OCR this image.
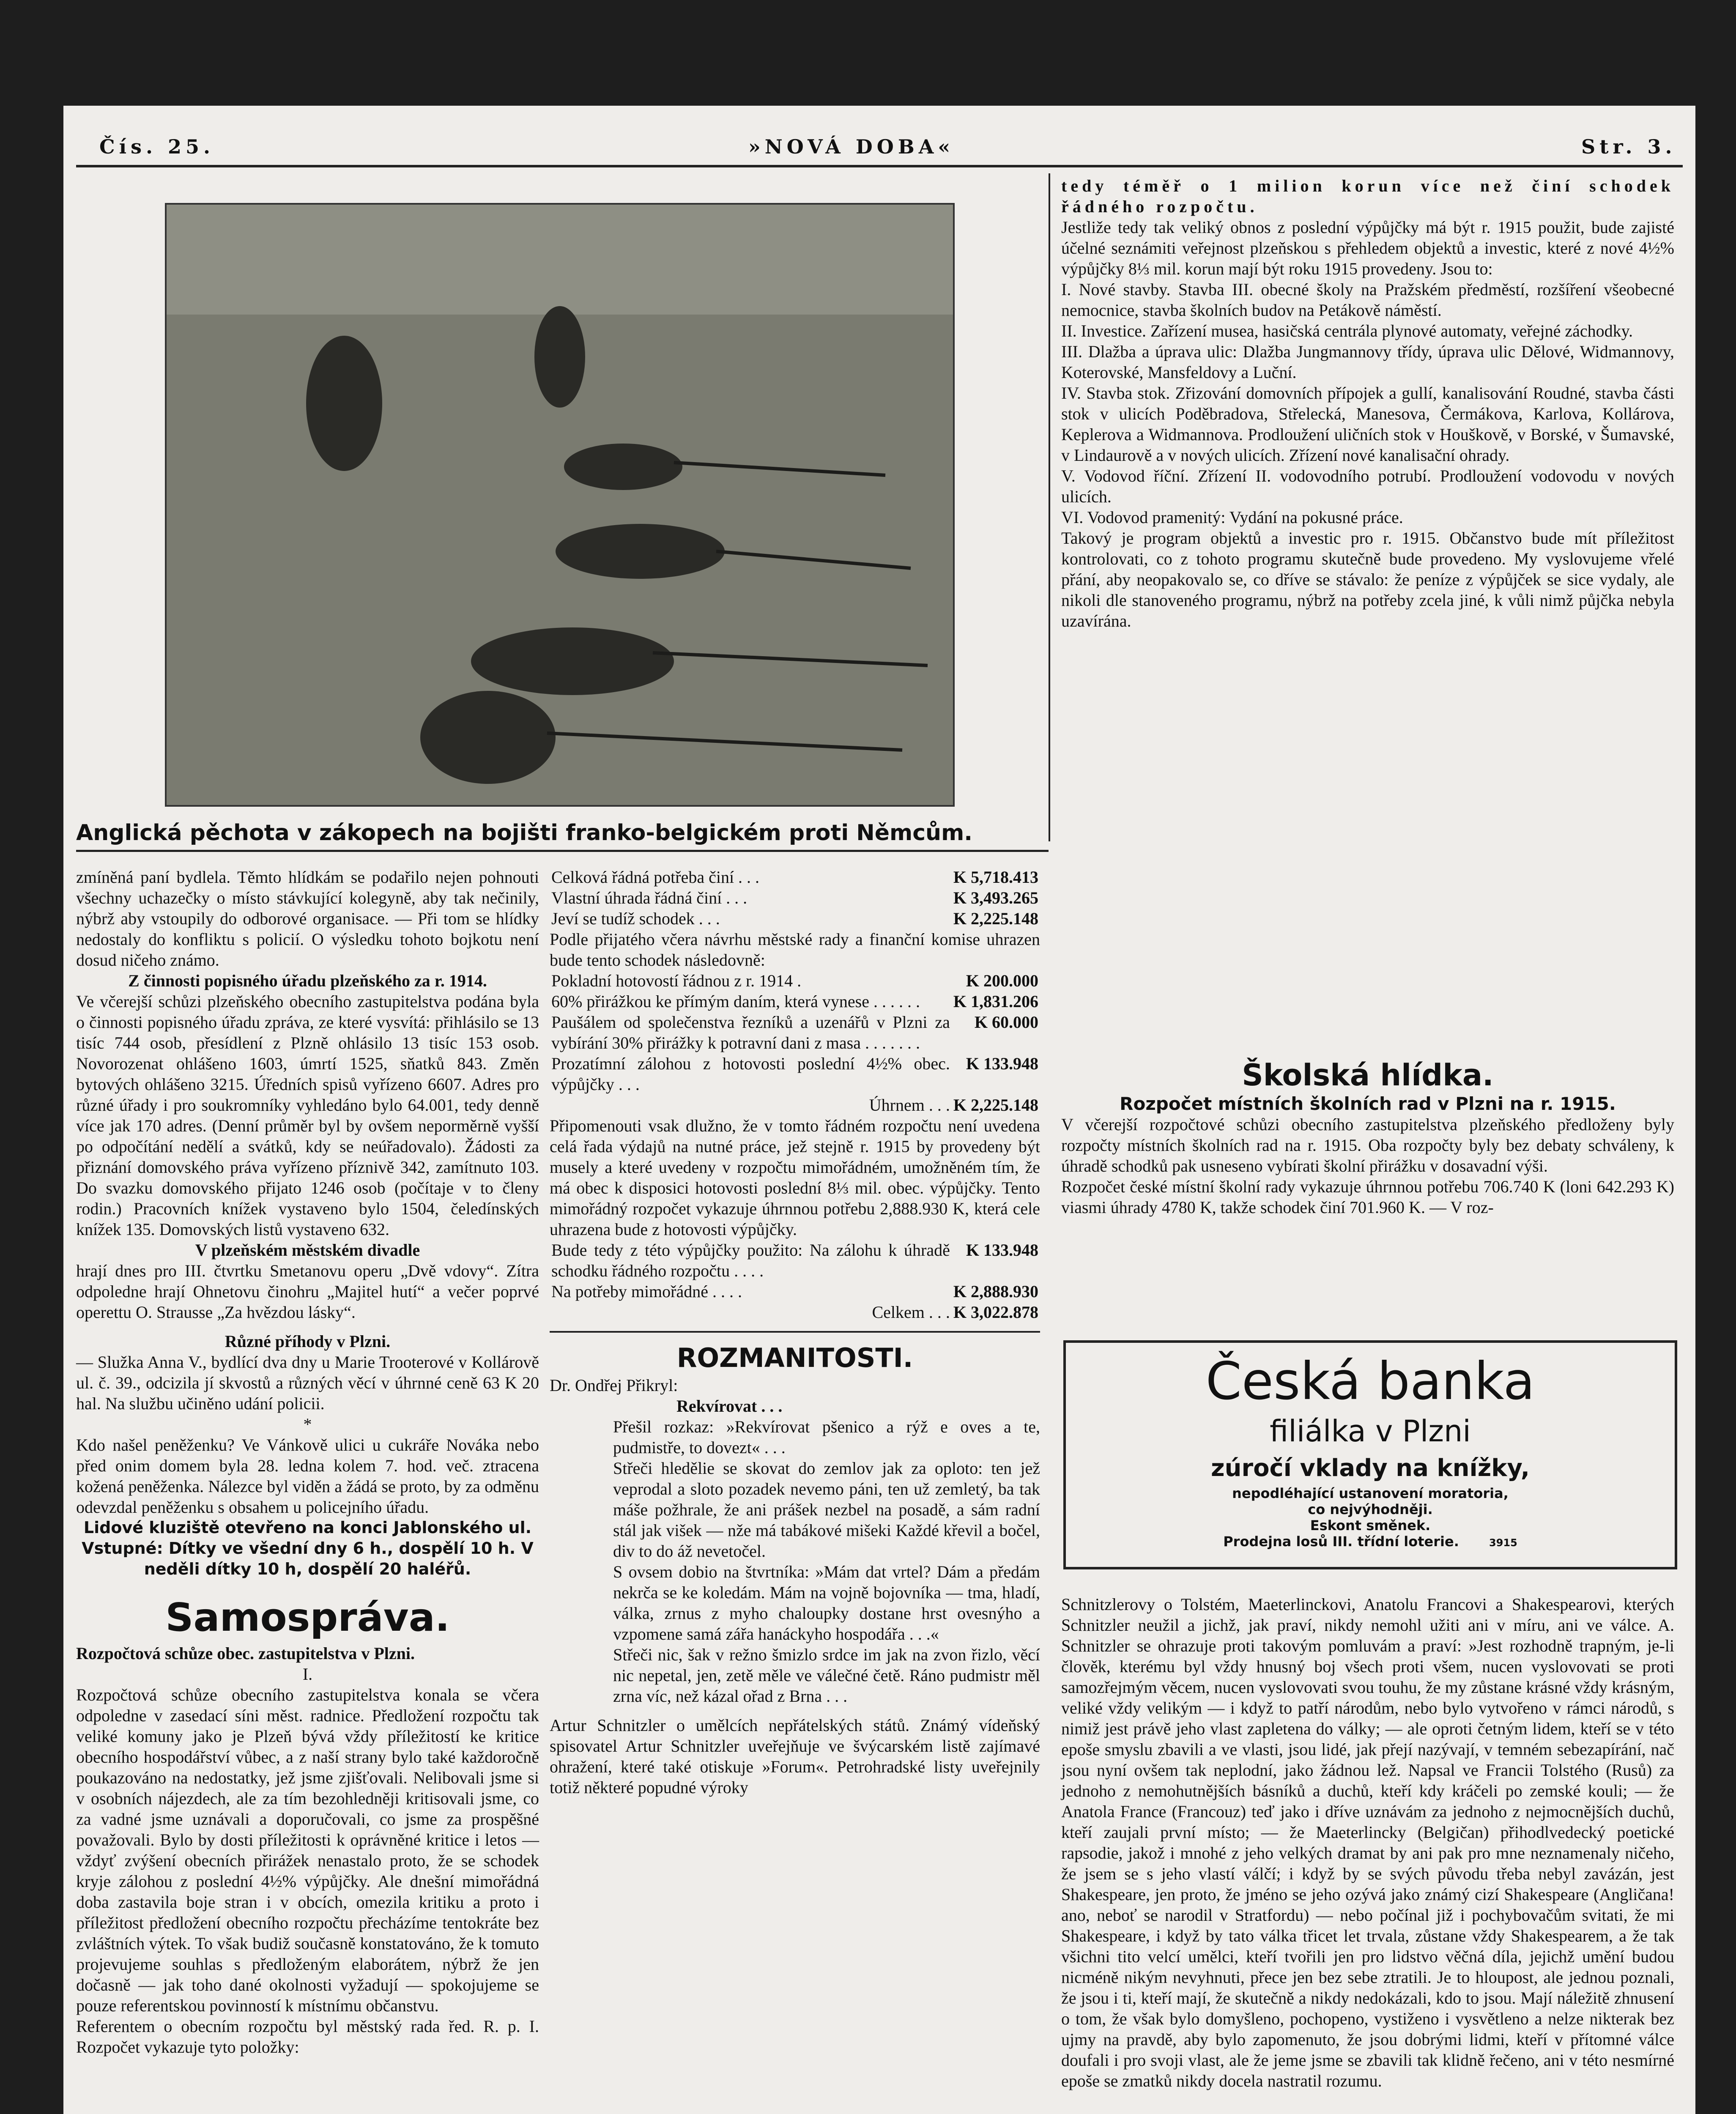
Čís. 25.	»NOVÁ DOBA«	Str. 3.
Anglická pěchota v zákopech na bojišti franko-belgickém proti Němcům.

tedy téměř o 1 milion korun více než činí schodek řádného rozpočtu.

Jestliže tedy tak veliký obnos z poslední výpůjčky má být r. 1915 použit, bude zajisté účelné seznámiti veřejnost plzeňskou s přehledem objektů a investic, které z nové 4½% výpůjčky 8⅓ mil. korun mají být roku 1915 provedeny. Jsou to:

I. Nové stavby. Stavba III. obecné školy na Pražském předměstí, rozšíření všeobecné nemocnice, stavba školních budov na Petákově náměstí.

II. Investice. Zařízení musea, hasičská centrála plynové automaty, veřejné záchodky.

III. Dlažba a úprava ulic: Dlažba Jungmannovy třídy, úprava ulic Dělové, Widmannovy, Koterovské, Mansfeldovy a Luční.

IV. Stavba stok. Zřizování domovních přípojek a gullí, kanalisování Roudné, stavba části stok v ulicích Poděbradova, Střelecká, Manesova, Čermákova, Karlova, Kollárova, Keplerova a Widmannova. Prodloužení uličních stok v Houškově, v Borské, v Šumavské, v Lindaurově a v nových ulicích. Zřízení nové kanalisační ohrady.

V. Vodovod říční. Zřízení II. vodovodního potrubí. Prodloužení vodovodu v nových ulicích.

VI. Vodovod pramenitý: Vydání na pokusné práce.

Takový je program objektů a investic pro r. 1915. Občanstvo bude mít příležitost kontrolovati, co z tohoto programu skutečně bude provedeno. My vyslovujeme vřelé přání, aby neopakovalo se, co dříve se stávalo: že peníze z výpůjček se sice vydaly, ale nikoli dle stanoveného programu, nýbrž na potřeby zcela jiné, k vůli nimž půjčka nebyla uzavírána.

Školská hlídka.

Rozpočet místních školních rad v Plzni na r. 1915.

V včerejší rozpočtové schůzi obecního zastupitelstva plzeňského předloženy byly rozpočty místních školních rad na r. 1915. Oba rozpočty byly bez debaty schváleny, k úhradě schodků pak usneseno vybírati školní přirážku v dosavadní výši.

Rozpočet české místní školní rady vykazuje úhrnnou potřebu 706.740 K (loni 642.293 K) viasmi úhrady 4780 K, takže schodek činí 701.960 K. — V roz-

Česká banka
filiálka v Plzni
zúročí vklady na knížky,
nepodléhající ustanovení moratoria,
co nejvýhodněji.
Eskont směnek.
Prodejna losů III. třídní loterie.	3915

Schnitzlerovy o Tolstém, Maeterlinckovi, Anatolu Francovi a Shakespearovi, kterých Schnitzler neužil a jichž, jak praví, nikdy nemohl užiti ani v míru, ani ve válce. A. Schnitzler se ohrazuje proti takovým pomluvám a praví: »Jest rozhodně trapným, je-li člověk, kterému byl vždy hnusný boj všech proti všem, nucen vyslovovati se proti samozřejmým věcem, nucen vyslovovati svou touhu, že my zůstane krásné vždy krásným, veliké vždy velikým — i když to patří národům, nebo bylo vytvořeno v rámci národů, s nimiž jest právě jeho vlast zapletena do války; — ale oproti četným lidem, kteří se v této epoše smyslu zbavili a ve vlasti, jsou lidé, jak přejí nazývají, v temném sebezapírání, nač jsou nyní ovšem tak neplodní, jako žádnou lež. Napsal ve Francii Tolstého (Rusů) za jednoho z nemohutnějších básníků a duchů, kteří kdy kráčeli po zemské kouli; — že Anatola France (Francouz) teď jako i dříve uznávám za jednoho z nejmocnějších duchů, kteří zaujali první místo; — že Maeterlincky (Belgičan) přihodlvedecký poetické rapsodie, jakož i mnohé z jeho velkých dramat by ani pak pro mne neznamenaly ničeho, že jsem se s jeho vlastí válčí; i když by se svých původu třeba nebyl zavázán, jest Shakespeare, jen proto, že jméno se jeho ozývá jako známý cizí Shakespeare (Angličana! ano, neboť se narodil v Stratfordu) — nebo počínal již i pochybovačům svitati, že mi Shakespeare, i když by tato válka třicet let trvala, zůstane vždy Shakespearem, a že tak všichni tito velcí umělci, kteří tvořili jen pro lidstvo věčná díla, jejichž umění budou nicméně nikým nevyhnuti, přece jen bez sebe ztratili. Je to hloupost, ale jednou poznali, že jsou i ti, kteří mají, že skutečně a nikdy nedokázali, kdo to jsou. Mají náležitě zhnusení o tom, že však bylo domyšleno, pochopeno, vystiženo i vysvětleno a nelze nikterak bez ujmy na pravdě, aby bylo zapomenuto, že jsou dobrými lidmi, kteří v přítomné válce doufali i pro svoji vlast, ale že jeme jsme se zbavili tak klidně řečeno, ani v této nesmírné epoše se zmatků nikdy docela nastratil rozumu.

zmíněná paní bydlela. Těmto hlídkám se podařilo nejen pohnouti všechny uchazečky o místo stávkující kolegyně, aby tak nečinily, nýbrž aby vstoupily do odborové organisace. — Při tom se hlídky nedostaly do konfliktu s policií. O výsledku tohoto bojkotu není dosud ničeho známo.

Z činnosti popisného úřadu plzeňského za r. 1914.

Ve včerejší schůzi plzeňského obecního zastupitelstva podána byla o činnosti popisného úřadu zpráva, ze které vysvítá: přihlásilo se 13 tisíc 744 osob, přesídlení z Plzně ohlásilo 13 tisíc 153 osob. Novorozenat ohlášeno 1603, úmrtí 1525, sňatků 843. Změn bytových ohlášeno 3215. Úředních spisů vyřízeno 6607. Adres pro různé úřady i pro soukromníky vyhledáno bylo 64.001, tedy denně více jak 170 adres. (Denní průměr byl by ovšem neporměrně vyšší po odpočítání nedělí a svátků, kdy se neúřadovalo). Žádosti za přiznání domovského práva vyřízeno příznivě 342, zamítnuto 103. Do svazku domovského přijato 1246 osob (počítaje v to členy rodin.) Pracovních knížek vystaveno bylo 1504, čeledínských knížek 135. Domovských listů vystaveno 632.

V plzeňském městském divadle

hrají dnes pro III. čtvrtku Smetanovu operu „Dvě vdovy“. Zítra odpoledne hrají Ohnetovu činohru „Majitel hutí“ a večer poprvé operettu O. Strausse „Za hvězdou lásky“.

Různé příhody v Plzni.

— Služka Anna V., bydlící dva dny u Marie Trooterové v Kollárově ul. č. 39., odcizila jí skvostů a různých věcí v úhrnné ceně 63 K 20 hal. Na službu učiněno udání policii.

*

Kdo našel peněženku? Ve Vánkově ulici u cukráře Nováka nebo před onim domem byla 28. ledna kolem 7. hod. več. ztracena kožená peněženka. Nálezce byl viděn a žádá se proto, by za odměnu odevzdal peněženku s obsahem u policejního úřadu.

Lidové kluziště otevřeno na konci Jablonského ul. Vstupné: Dítky ve všední dny 6 h., dospělí 10 h. V neděli dítky 10 h, dospělí 20 haléřů.

Samospráva.

Rozpočtová schůze obec. zastupitelstva v Plzni.

I.

Rozpočtová schůze obecního zastupitelstva konala se včera odpoledne v zasedací síni měst. radnice. Předložení rozpočtu tak veliké komuny jako je Plzeň bývá vždy příležitostí ke kritice obecního hospodářství vůbec, a z naší strany bylo také každoročně poukazováno na nedostatky, jež jsme zjišťovali. Nelibovali jsme si v osobních nájezdech, ale za tím bezohledněji kritisovali jsme, co za vadné jsme uznávali a doporučovali, co jsme za prospěšné považovali. Bylo by dosti příležitosti k oprávněné kritice i letos — vždyť zvýšení obecních přirážek nenastalo proto, že se schodek kryje zálohou z poslední 4½% výpůjčky. Ale dnešní mimořádná doba zastavila boje stran i v obcích, omezila kritiku a proto i příležitost předložení obecního rozpočtu přecházíme tentokráte bez zvláštních výtek. To však budiž současně konstatováno, že k tomuto projevujeme souhlas s předloženým elaborátem, nýbrž že jen dočasně — jak toho dané okolnosti vyžadují — spokojujeme se pouze referentskou povinností k místnímu občanstvu.

Referentem o obecním rozpočtu byl městský rada řed. R. p. I. Rozpočet vykazuje tyto položky:

Celková řádná potřeba činí . . .	K 5,718.413
Vlastní úhrada řádná činí . . .	K 3,493.265
Jeví se tudíž schodek . . .	K 2,225.148

Podle přijatého včera návrhu městské rady a finanční komise uhrazen bude tento schodek následovně:

Pokladní hotovostí řádnou z r. 1914 .	K 200.000
60% přirážkou ke přímým daním, která vynese . . . . . .	K 1,831.206
Paušálem od společenstva řezníků a uzenářů v Plzni za vybírání 30% přirážky k potravní dani z masa . . . . . . .	K 60.000
Prozatímní zálohou z hotovosti poslední 4½% obec. výpůjčky . . .	K 133.948
Úhrnem . . .	K 2,225.148

Připomenouti vsak dlužno, že v tomto řádném rozpočtu není uvedena celá řada výdajů na nutné práce, jež stejně r. 1915 by provedeny být musely a které uvedeny v rozpočtu mimořádném, umožněném tím, že má obec k disposici hotovosti poslední 8⅓ mil. obec. výpůjčky. Tento mimořádný rozpočet vykazuje úhrnnou potřebu 2,888.930 K, která cele uhrazena bude z hotovosti výpůjčky.

Bude tedy z této výpůjčky použito: Na zálohu k úhradě schodku řádného rozpočtu . . . .	K 133.948
Na potřeby mimořádné . . . .	K 2,888.930
Celkem . . .	K 3,022.878

ROZMANITOSTI.

Dr. Ondřej Přikryl:

Rekvírovat . . .

Přešil rozkaz: »Rekvírovat pšenico a rýž e oves a te, pudmistře, to dovezt« . . .

Střeči hledělie se skovat do zemlov jak za oploto: ten jež veprodal a sloto pozadek nevemo páni, ten už zemletý, ba tak máše požhrale, že ani prášek nezbel na posadě, a sám radní stál jak višek — nže má tabákové mišeki Každé křevil a bočel, div to do áž nevetočel.

S ovsem dobio na štvrtníka: »Mám dat vrtel? Dám a předám nekrča se ke koledám. Mám na vojně bojovníka — tma, hladí, válka, zrnus z myho chaloupky dostane hrst ovesnýho a vzpomene samá zářa hanáckyho hospodářa . . .«

Střeči nic, šak v režno šmizlo srdce im jak na zvon řizlo, věcí nic nepetal, jen, zetě měle ve válečné četě. Ráno pudmistr měl zrna víc, než kázal ořad z Brna . . .

Artur Schnitzler o umělcích nepřátelských států. Známý vídeňský spisovatel Artur Schnitzler uveřejňuje ve švýcarském listě zajímavé ohražení, které také otiskuje »Forum«. Petrohradské listy uveřejnily totiž některé popudné výroky
